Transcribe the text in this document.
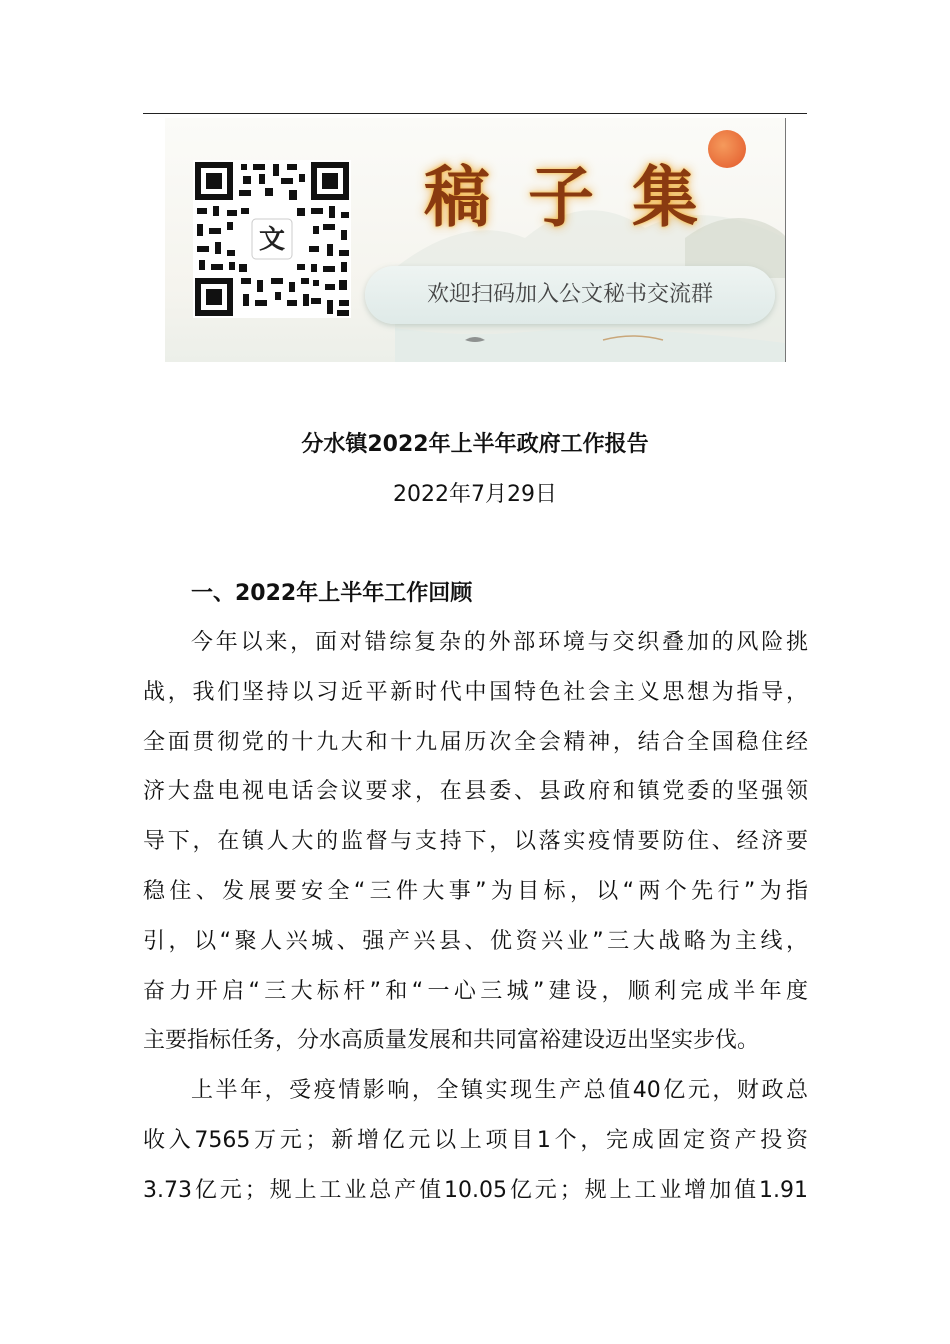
文
稿子集
欢迎扫码加入公文秘书交流群
分水镇2022年上半年政府工作报告
2022年7月29日
一、2022年上半年工作回顾
今年以来，面对错综复杂的外部环境与交织叠加的风险挑
战，我们坚持以习近平新时代中国特色社会主义思想为指导，
全面贯彻党的十九大和十九届历次全会精神，结合全国稳住经
济大盘电视电话会议要求，在县委、县政府和镇党委的坚强领
导下，在镇人大的监督与支持下，以落实疫情要防住、经济要
稳住、发展要安全“三件大事”为目标，以“两个先行”为指
引，以“聚人兴城、强产兴县、优资兴业”三大战略为主线，
奋力开启“三大标杆”和“一心三城”建设，顺利完成半年度
主要指标任务，分水高质量发展和共同富裕建设迈出坚实步伐。
上半年，受疫情影响，全镇实现生产总值40亿元，财政总
收入7565万元；新增亿元以上项目1个，完成固定资产投资
3.73亿元；规上工业总产值10.05亿元；规上工业增加值1.91
